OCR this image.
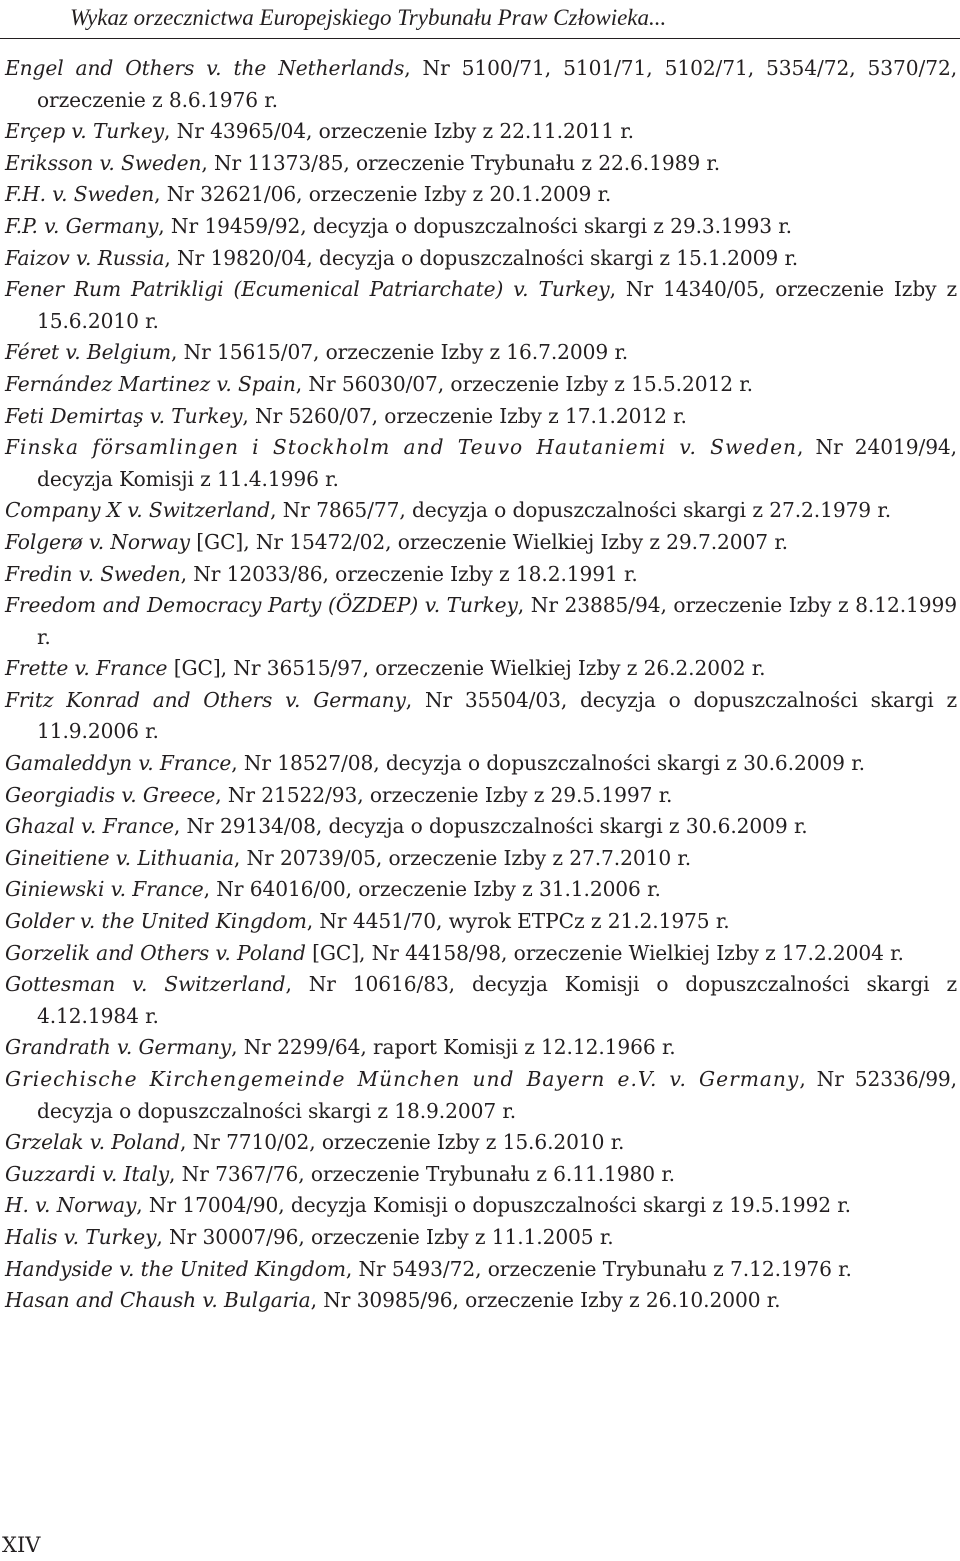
Wykaz orzecznictwa Europejskiego Trybunału Praw Człowieka...
Engel and Others v. the Netherlands, Nr 5100/71, 5101/71, 5102/71, 5354/72, 5370/72, orzeczenie z 8.6.1976 r.
Erçep v. Turkey, Nr 43965/04, orzeczenie Izby z 22.11.2011 r.
Eriksson v. Sweden, Nr 11373/85, orzeczenie Trybunału z 22.6.1989 r.
F.H. v. Sweden, Nr 32621/06, orzeczenie Izby z 20.1.2009 r.
F.P. v. Germany, Nr 19459/92, decyzja o dopuszczalności skargi z 29.3.1993 r.
Faizov v. Russia, Nr 19820/04, decyzja o dopuszczalności skargi z 15.1.2009 r.
Fener Rum Patrikligi (Ecumenical Patriarchate) v. Turkey, Nr 14340/05, orzeczenie Izby z 15.6.2010 r.
Féret v. Belgium, Nr 15615/07, orzeczenie Izby z 16.7.2009 r.
Fernández Martinez v. Spain, Nr 56030/07, orzeczenie Izby z 15.5.2012 r.
Feti Demirtaş v. Turkey, Nr 5260/07, orzeczenie Izby z 17.1.2012 r.
Finska församlingen i Stockholm and Teuvo Hautaniemi v. Sweden, Nr 24019/94, decyzja Komisji z 11.4.1996 r.
Company X v. Switzerland, Nr 7865/77, decyzja o dopuszczalności skargi z 27.2.1979 r.
Folgerø v. Norway [GC], Nr 15472/02, orzeczenie Wielkiej Izby z 29.7.2007 r.
Fredin v. Sweden, Nr 12033/86, orzeczenie Izby z 18.2.1991 r.
Freedom and Democracy Party (ÖZDEP) v. Turkey, Nr 23885/94, orzeczenie Izby z 8.12.1999 r.
Frette v. France [GC], Nr 36515/97, orzeczenie Wielkiej Izby z 26.2.2002 r.
Fritz Konrad and Others v. Germany, Nr 35504/03, decyzja o dopuszczalności skargi z 11.9.2006 r.
Gamaleddyn v. France, Nr 18527/08, decyzja o dopuszczalności skargi z 30.6.2009 r.
Georgiadis v. Greece, Nr 21522/93, orzeczenie Izby z 29.5.1997 r.
Ghazal v. France, Nr 29134/08, decyzja o dopuszczalności skargi z 30.6.2009 r.
Gineitiene v. Lithuania, Nr 20739/05, orzeczenie Izby z 27.7.2010 r.
Giniewski v. France, Nr 64016/00, orzeczenie Izby z 31.1.2006 r.
Golder v. the United Kingdom, Nr 4451/70, wyrok ETPCz z 21.2.1975 r.
Gorzelik and Others v. Poland [GC], Nr 44158/98, orzeczenie Wielkiej Izby z 17.2.2004 r.
Gottesman v. Switzerland, Nr 10616/83, decyzja Komisji o dopuszczalności skargi z 4.12.1984 r.
Grandrath v. Germany, Nr 2299/64, raport Komisji z 12.12.1966 r.
Griechische Kirchengemeinde München und Bayern e.V. v. Germany, Nr 52336/99, decyzja o dopuszczalności skargi z 18.9.2007 r.
Grzelak v. Poland, Nr 7710/02, orzeczenie Izby z 15.6.2010 r.
Guzzardi v. Italy, Nr 7367/76, orzeczenie Trybunału z 6.11.1980 r.
H. v. Norway, Nr 17004/90, decyzja Komisji o dopuszczalności skargi z 19.5.1992 r.
Halis v. Turkey, Nr 30007/96, orzeczenie Izby z 11.1.2005 r.
Handyside v. the United Kingdom, Nr 5493/72, orzeczenie Trybunału z 7.12.1976 r.
Hasan and Chaush v. Bulgaria, Nr 30985/96, orzeczenie Izby z 26.10.2000 r.
XIV
